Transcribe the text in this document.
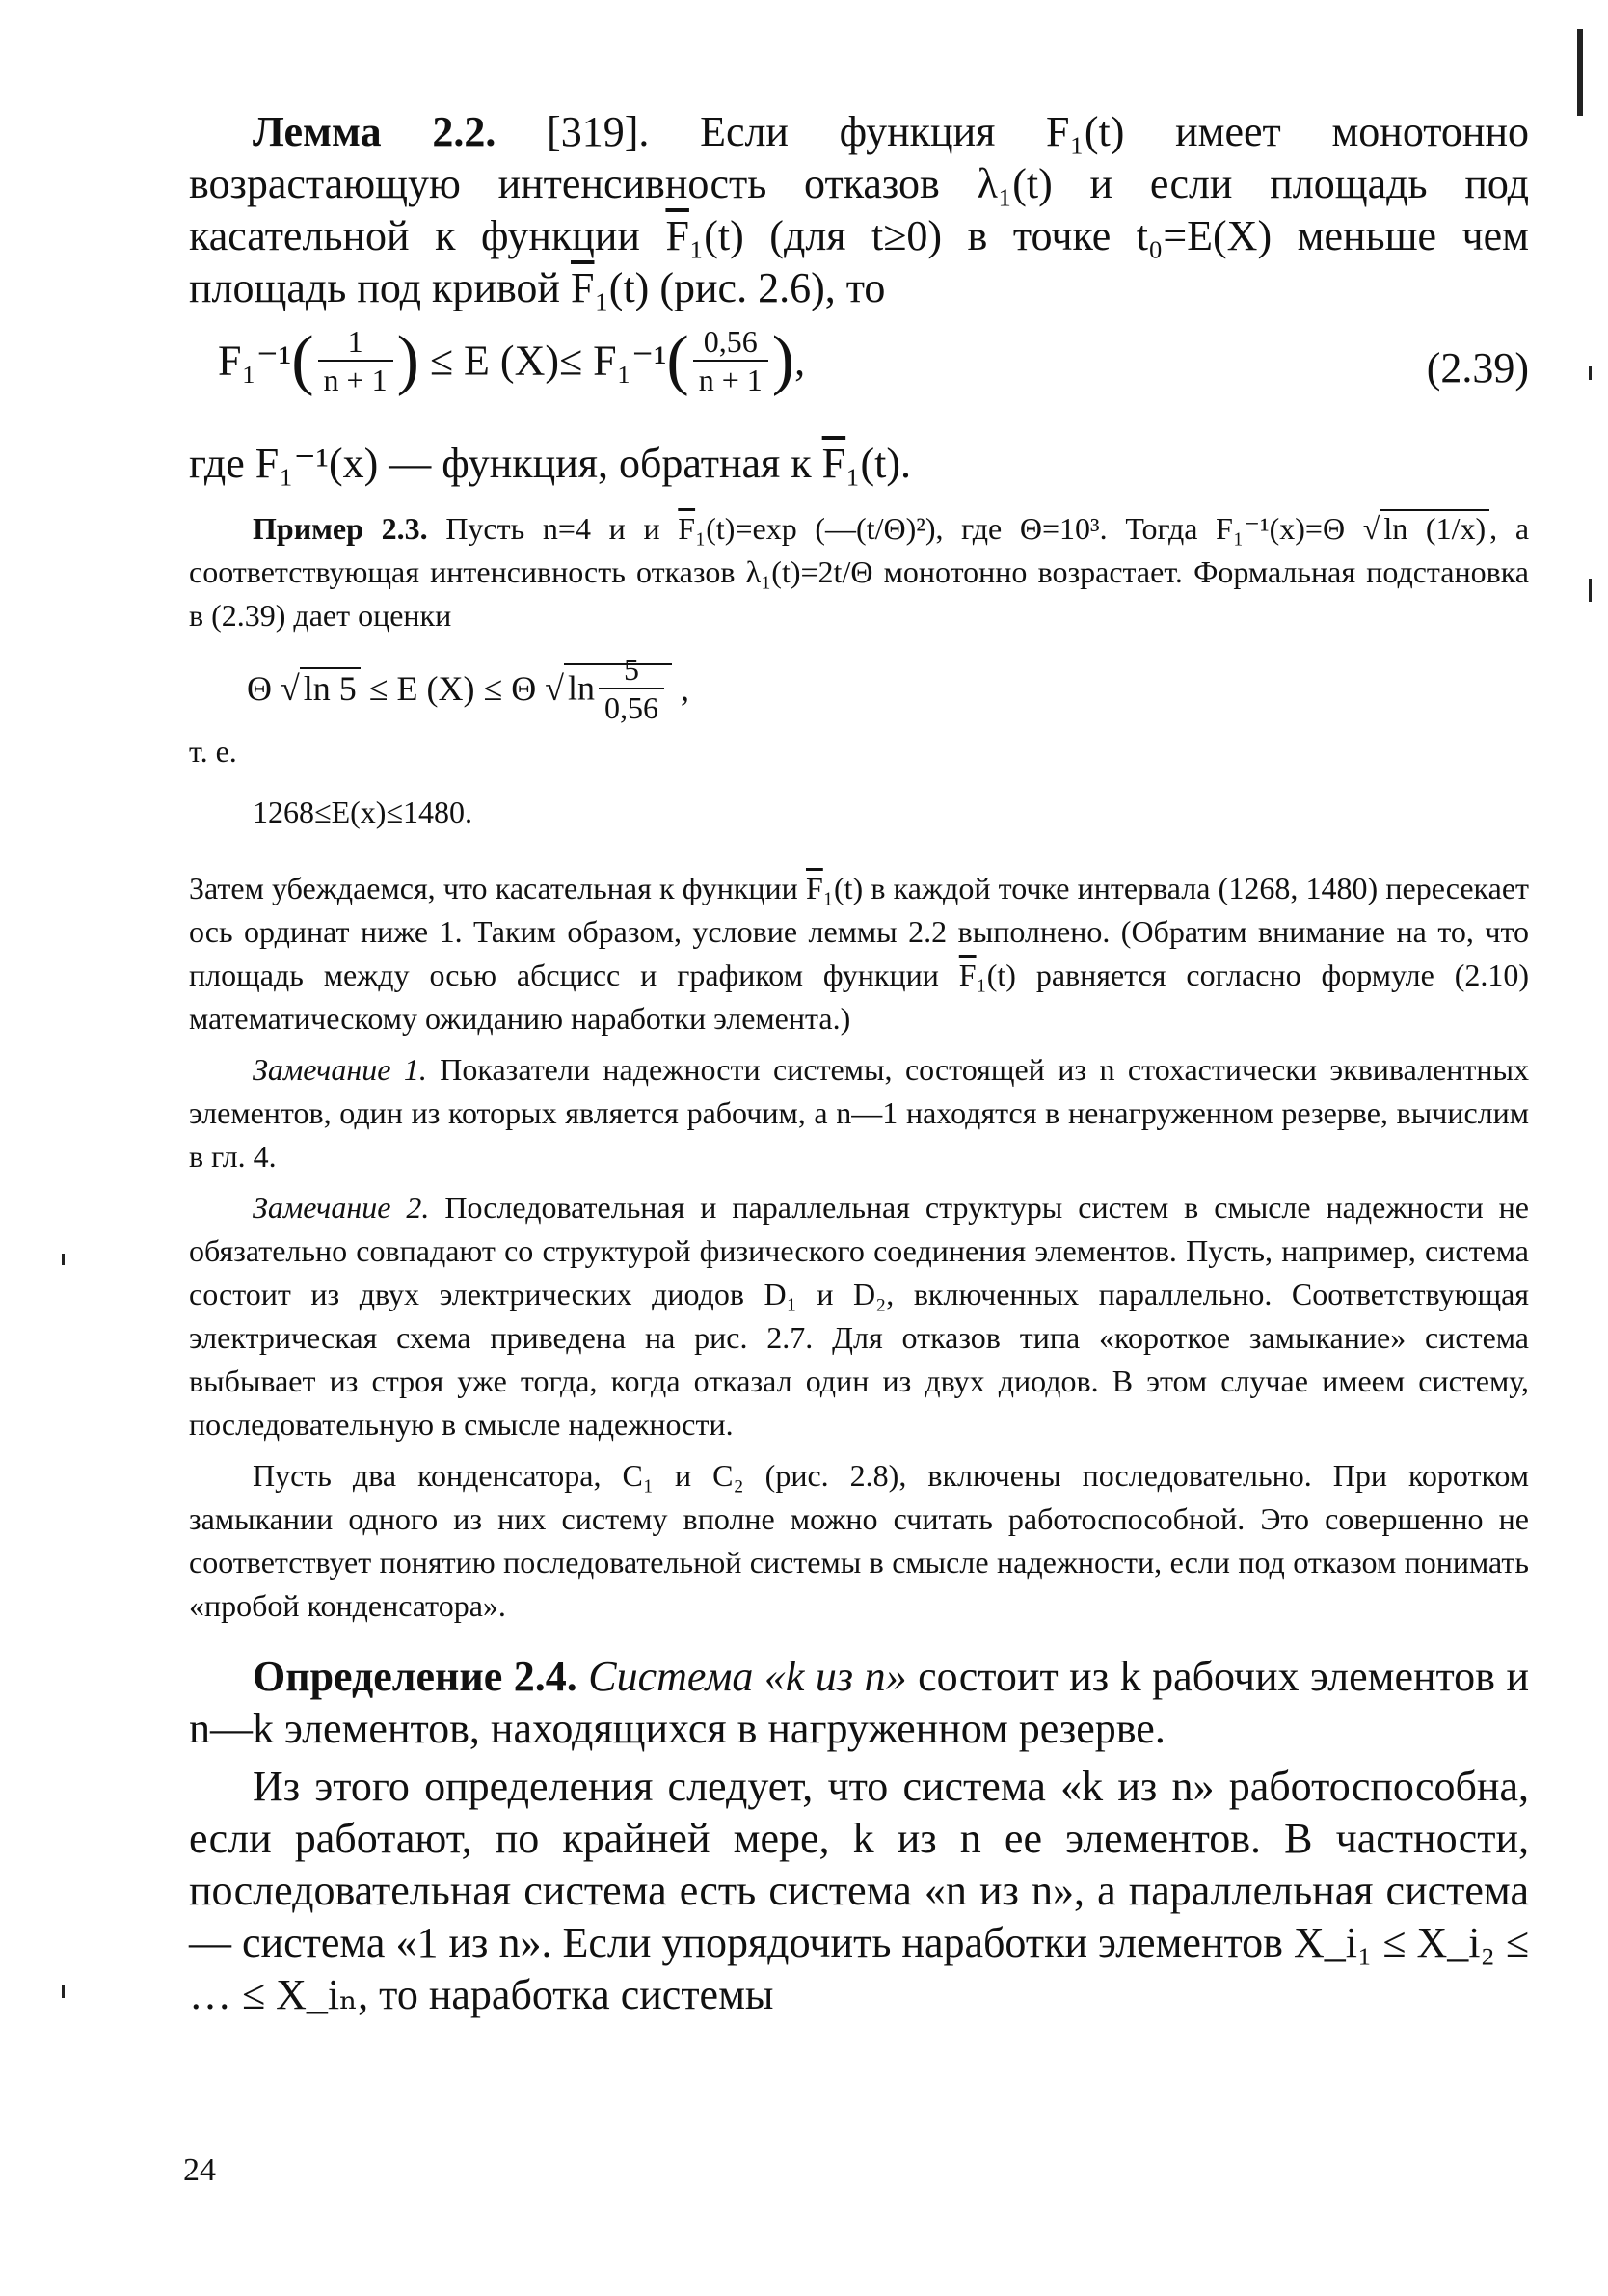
Лемма 2.2. [319]. Если функция F₁(t) имеет монотонно возрастающую интенсивность отказов λ₁(t) и если площадь под касательной к функции $\overline{F}_1(t)$ (для t≥0) в точке t₀=E(X) меньше чем площадь под кривой $\overline{F}_1(t)$ (рис. 2.6), то

$F_1^{-1}( \frac{1}{n + 1}$ ) ≤ E $(X)\le F_1^{-1}( \frac{0,56}{n + 1}$ ),	(2.39)

где F₁⁻¹(x) — функция, обратная к $\overline{F}_1(t)$.

Пример 2.3. Пусть n=4 и и $\overline{F}_1(t)=\exp$ (—(t/Θ)²), где Θ=10³. Тогда F₁⁻¹(x)=Θ √ ln (1/x) , а соответствующая интенсивность отказов λ₁(t)=2t/Θ монотонно возрастает. Формальная подстановка в (2.39) дает оценки

Θ √ ln 5 ≤ E (X) ≤ Θ √ $\ln \frac{5}{0,56}$ ,

т. е.

1268≤E(x)≤1480.

Затем убеждаемся, что касательная к функции $\overline{F}_1(t)$ в каждой точке интервала (1268, 1480) пересекает ось ординат ниже 1. Таким образом, условие леммы 2.2 выполнено. (Обратим внимание на то, что площадь между осью абсцисс и графиком функции $\overline{F}_1(t)$ равняется согласно формуле (2.10) математическому ожиданию наработки элемента.)

Замечание 1. Показатели надежности системы, состоящей из n стохастически эквивалентных элементов, один из которых является рабочим, а n—1 находятся в ненагруженном резерве, вычислим в гл. 4.

Замечание 2. Последовательная и параллельная структуры систем в смысле надежности не обязательно совпадают со структурой физического соединения элементов. Пусть, например, система состоит из двух электрических диодов D₁ и D₂, включенных параллельно. Соответствующая электрическая схема приведена на рис. 2.7. Для отказов типа «короткое замыкание» система выбывает из строя уже тогда, когда отказал один из двух диодов. В этом случае имеем систему, последовательную в смысле надежности.

Пусть два конденсатора, C₁ и C₂ (рис. 2.8), включены последовательно. При коротком замыкании одного из них систему вполне можно считать работоспособной. Это совершенно не соответствует понятию последовательной системы в смысле надежности, если под отказом понимать «пробой конденсатора».

Определение 2.4. Система «k из n» состоит из k рабочих элементов и n—k элементов, находящихся в нагруженном резерве.

Из этого определения следует, что система «k из n» работоспособна, если работают, по крайней мере, k из n ее элементов. В частности, последовательная система есть система «n из n», а параллельная система — система «1 из n». Если упорядочить наработки элементов X_i₁ ≤ X_i₂ ≤ … ≤ X_iₙ, то наработка системы

24
